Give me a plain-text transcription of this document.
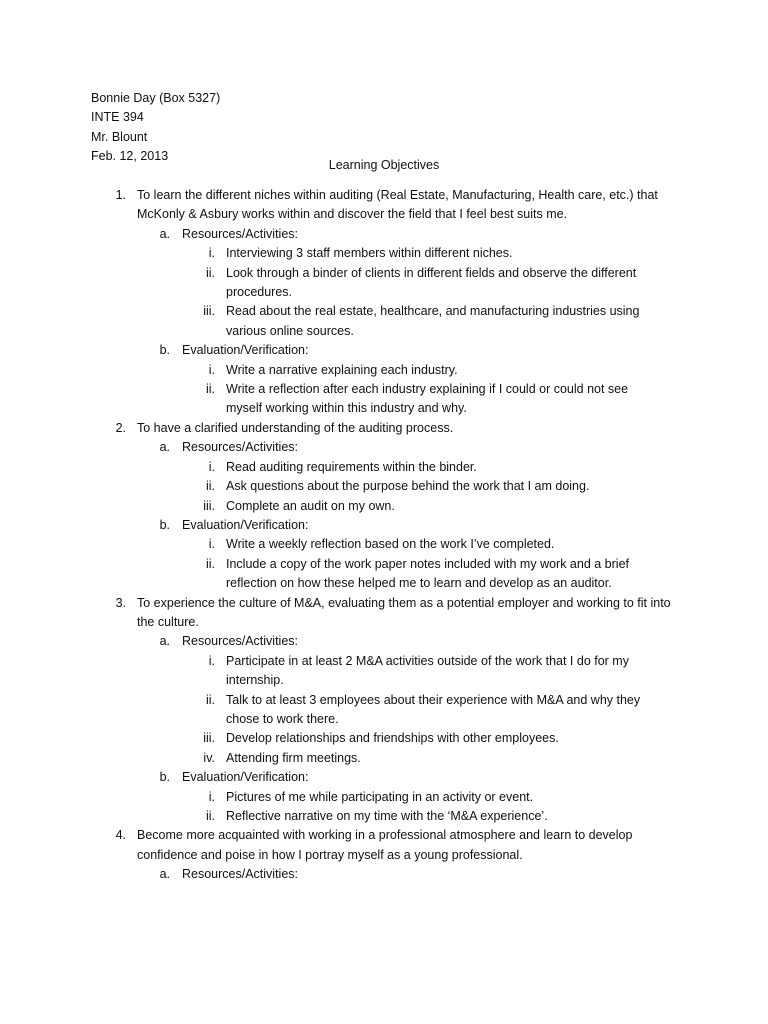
Bonnie Day (Box 5327)
INTE 394
Mr. Blount
Feb. 12, 2013
Learning Objectives
1. To learn the different niches within auditing (Real Estate, Manufacturing, Health care, etc.) that McKonly & Asbury works within and discover the field that I feel best suits me.
a. Resources/Activities:
i. Interviewing 3 staff members within different niches.
ii. Look through a binder of clients in different fields and observe the different procedures.
iii. Read about the real estate, healthcare, and manufacturing industries using various online sources.
b. Evaluation/Verification:
i. Write a narrative explaining each industry.
ii. Write a reflection after each industry explaining if I could or could not see myself working within this industry and why.
2. To have a clarified understanding of the auditing process.
a. Resources/Activities:
i. Read auditing requirements within the binder.
ii. Ask questions about the purpose behind the work that I am doing.
iii. Complete an audit on my own.
b. Evaluation/Verification:
i. Write a weekly reflection based on the work I’ve completed.
ii. Include a copy of the work paper notes included with my work and a brief reflection on how these helped me to learn and develop as an auditor.
3. To experience the culture of M&A, evaluating them as a potential employer and working to fit into the culture.
a. Resources/Activities:
i. Participate in at least 2 M&A activities outside of the work that I do for my internship.
ii. Talk to at least 3 employees about their experience with M&A and why they chose to work there.
iii. Develop relationships and friendships with other employees.
iv. Attending firm meetings.
b. Evaluation/Verification:
i. Pictures of me while participating in an activity or event.
ii. Reflective narrative on my time with the ‘M&A experience’.
4. Become more acquainted with working in a professional atmosphere and learn to develop confidence and poise in how I portray myself as a young professional.
a. Resources/Activities:
